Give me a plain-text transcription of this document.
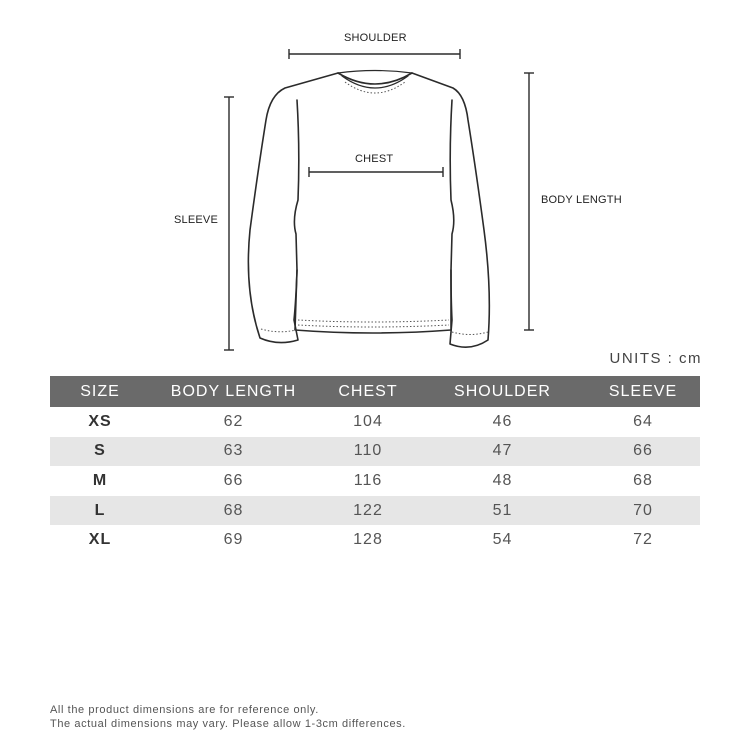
SHOULDER
CHEST
SLEEVE
BODY LENGTH
UNITS : cm
SIZE	BODY LENGTH	CHEST	SHOULDER	SLEEVE
XS	62	104	46	64
S	63	110	47	66
M	66	116	48	68
L	68	122	51	70
XL	69	128	54	72
All the product dimensions are for reference only.
The actual dimensions may vary. Please allow 1-3cm differences.
